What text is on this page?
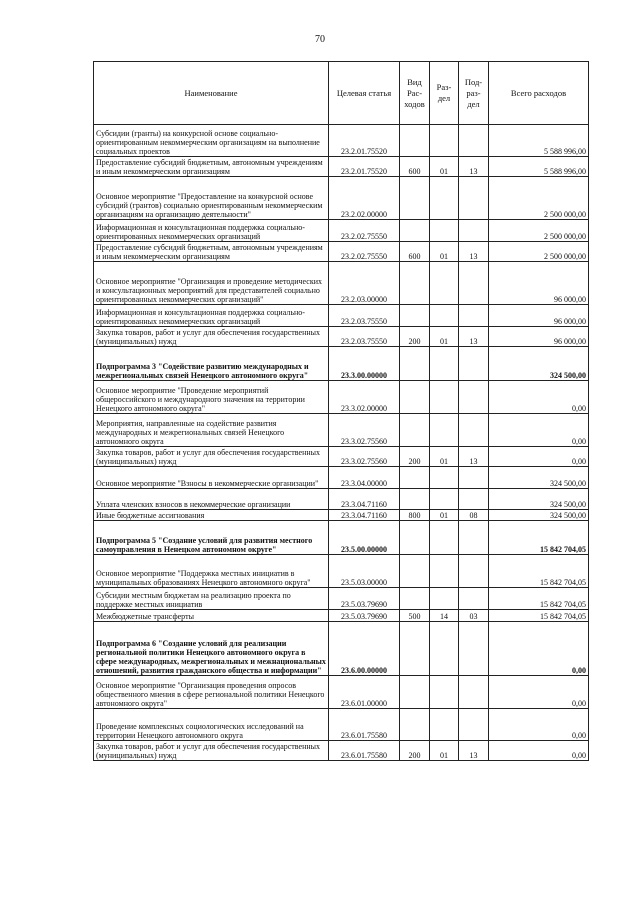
70
Наименование	Целевая статья	Вид Рас-ходов	Раз-дел	Под-раз-дел	Всего расходов
Субсидии (гранты) на конкурсной основе социально-ориентированным некоммерческим организациям на выполнение социальных проектов	23.2.01.75520				5 588 996,00
Предоставление субсидий бюджетным, автономным учреждениям и иным некоммерческим организациям	23.2.01.75520	600	01	13	5 588 996,00
Основное мероприятие "Предоставление на конкурсной основе субсидий (грантов) социально ориентированным некоммерческим организациям на организацию деятельности"	23.2.02.00000				2 500 000,00
Информационная и консультационная поддержка социально-ориентированных некоммерческих организаций	23.2.02.75550				2 500 000,00
Предоставление субсидий бюджетным, автономным учреждениям и иным некоммерческим организациям	23.2.02.75550	600	01	13	2 500 000,00
Основное мероприятие "Организация и проведение методических и консультационных мероприятий для представителей социально ориентированных некоммерческих организаций"	23.2.03.00000				96 000,00
Информационная и консультационная поддержка социально-ориентированных некоммерческих организаций	23.2.03.75550				96 000,00
Закупка товаров, работ и услуг для обеспечения государственных (муниципальных) нужд	23.2.03.75550	200	01	13	96 000,00
Подпрограмма 3 "Содействие развитию международных и межрегиональных связей Ненецкого автономного округа"	23.3.00.00000				324 500,00
Основное мероприятие "Проведение мероприятий общероссийского и международного значения на территории Ненецкого автономного округа"	23.3.02.00000				0,00
Мероприятия, направленные на содействие развития международных и межрегиональных связей Ненецкого автономного округа	23.3.02.75560				0,00
Закупка товаров, работ и услуг для обеспечения государственных (муниципальных) нужд	23.3.02.75560	200	01	13	0,00
Основное мероприятие "Взносы в некоммерческие организации"	23.3.04.00000				324 500,00
Уплата членских взносов в некоммерческие организации	23.3.04.71160				324 500,00
Иные бюджетные ассигнования	23.3.04.71160	800	01	08	324 500,00
Подпрограмма 5 "Создание условий для развития местного самоуправления в Ненецком автономном округе"	23.5.00.00000				15 842 704,05
Основное мероприятие "Поддержка местных инициатив в муниципальных образованиях Ненецкого автономного округа"	23.5.03.00000				15 842 704,05
Субсидии местным бюджетам на реализацию проекта по поддержке местных инициатив	23.5.03.79690				15 842 704,05
Межбюджетные трансферты	23.5.03.79690	500	14	03	15 842 704,05
Подпрограмма 6 "Создание условий для реализации региональной политики Ненецкого автономного округа в сфере международных, межрегиональных и межнациональных отношений, развития гражданского общества и информации"	23.6.00.00000				0,00
Основное мероприятие "Организация проведения опросов общественного мнения в сфере региональной политики Ненецкого автономного округа"	23.6.01.00000				0,00
Проведение комплексных социологических исследований на территории Ненецкого автономного округа	23.6.01.75580				0,00
Закупка товаров, работ и услуг для обеспечения государственных (муниципальных) нужд	23.6.01.75580	200	01	13	0,00
